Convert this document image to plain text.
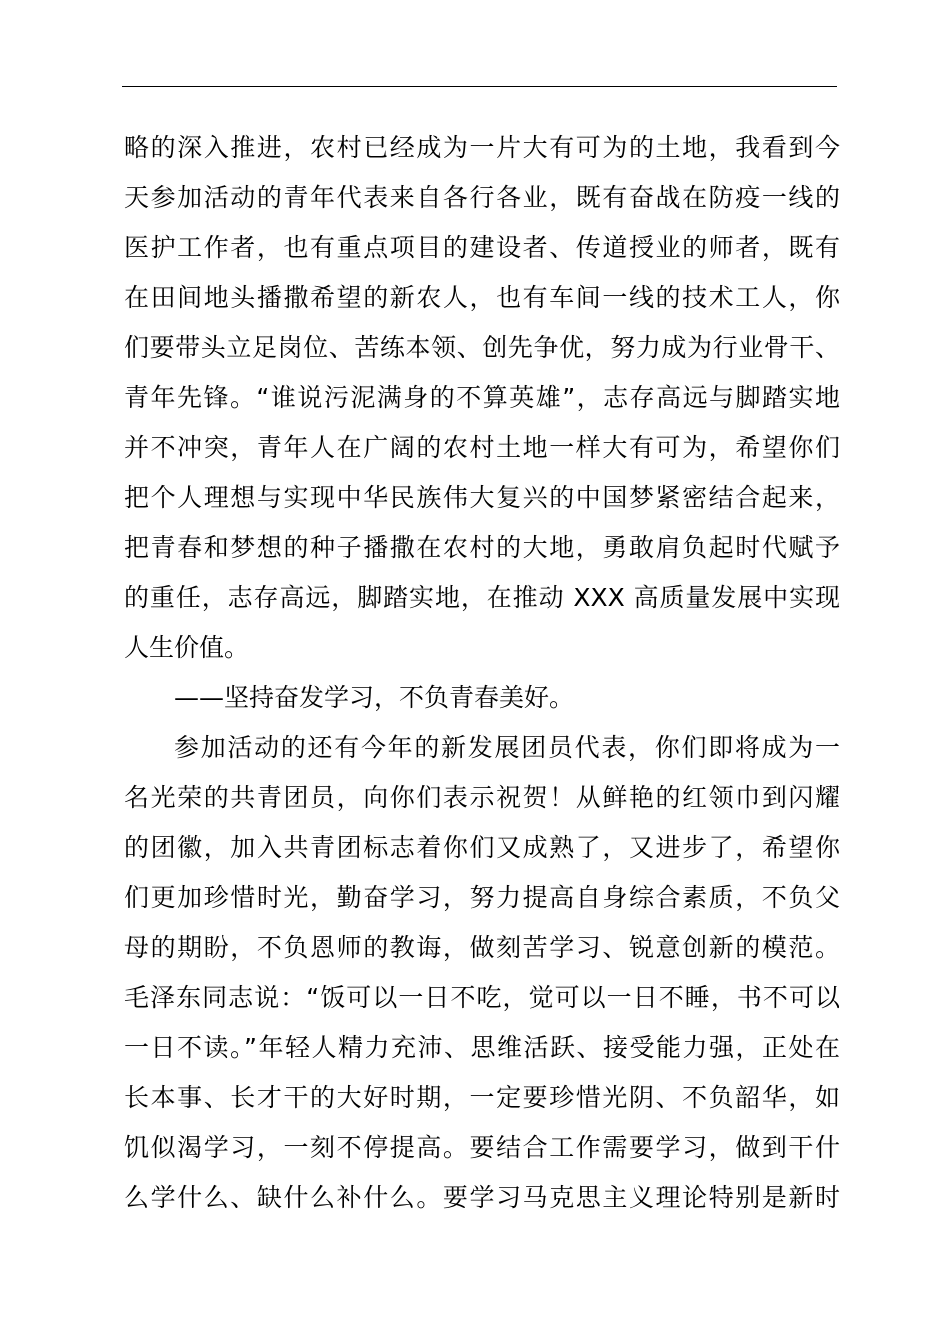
略的深入推进，农村已经成为一片大有可为的土地，我看到今
天参加活动的青年代表来自各行各业，既有奋战在防疫一线的
医护工作者，也有重点项目的建设者、传道授业的师者，既有
在田间地头播撒希望的新农人，也有车间一线的技术工人，你
们要带头立足岗位、苦练本领、创先争优，努力成为行业骨干、
青年先锋。“谁说污泥满身的不算英雄”，志存高远与脚踏实地
并不冲突，青年人在广阔的农村土地一样大有可为，希望你们
把个人理想与实现中华民族伟大复兴的中国梦紧密结合起来，
把青春和梦想的种子播撒在农村的大地，勇敢肩负起时代赋予
的重任，志存高远，脚踏实地，在推动 XXX 高质量发展中实现
人生价值。
——坚持奋发学习，不负青春美好。
参加活动的还有今年的新发展团员代表，你们即将成为一
名光荣的共青团员，向你们表示祝贺！从鲜艳的红领巾到闪耀
的团徽，加入共青团标志着你们又成熟了，又进步了，希望你
们更加珍惜时光，勤奋学习，努力提高自身综合素质，不负父
母的期盼，不负恩师的教诲，做刻苦学习、锐意创新的模范。
毛泽东同志说：“饭可以一日不吃，觉可以一日不睡，书不可以
一日不读。”年轻人精力充沛、思维活跃、接受能力强，正处在
长本事、长才干的大好时期，一定要珍惜光阴、不负韶华，如
饥似渴学习，一刻不停提高。要结合工作需要学习，做到干什
么学什么、缺什么补什么。要学习马克思主义理论特别是新时
